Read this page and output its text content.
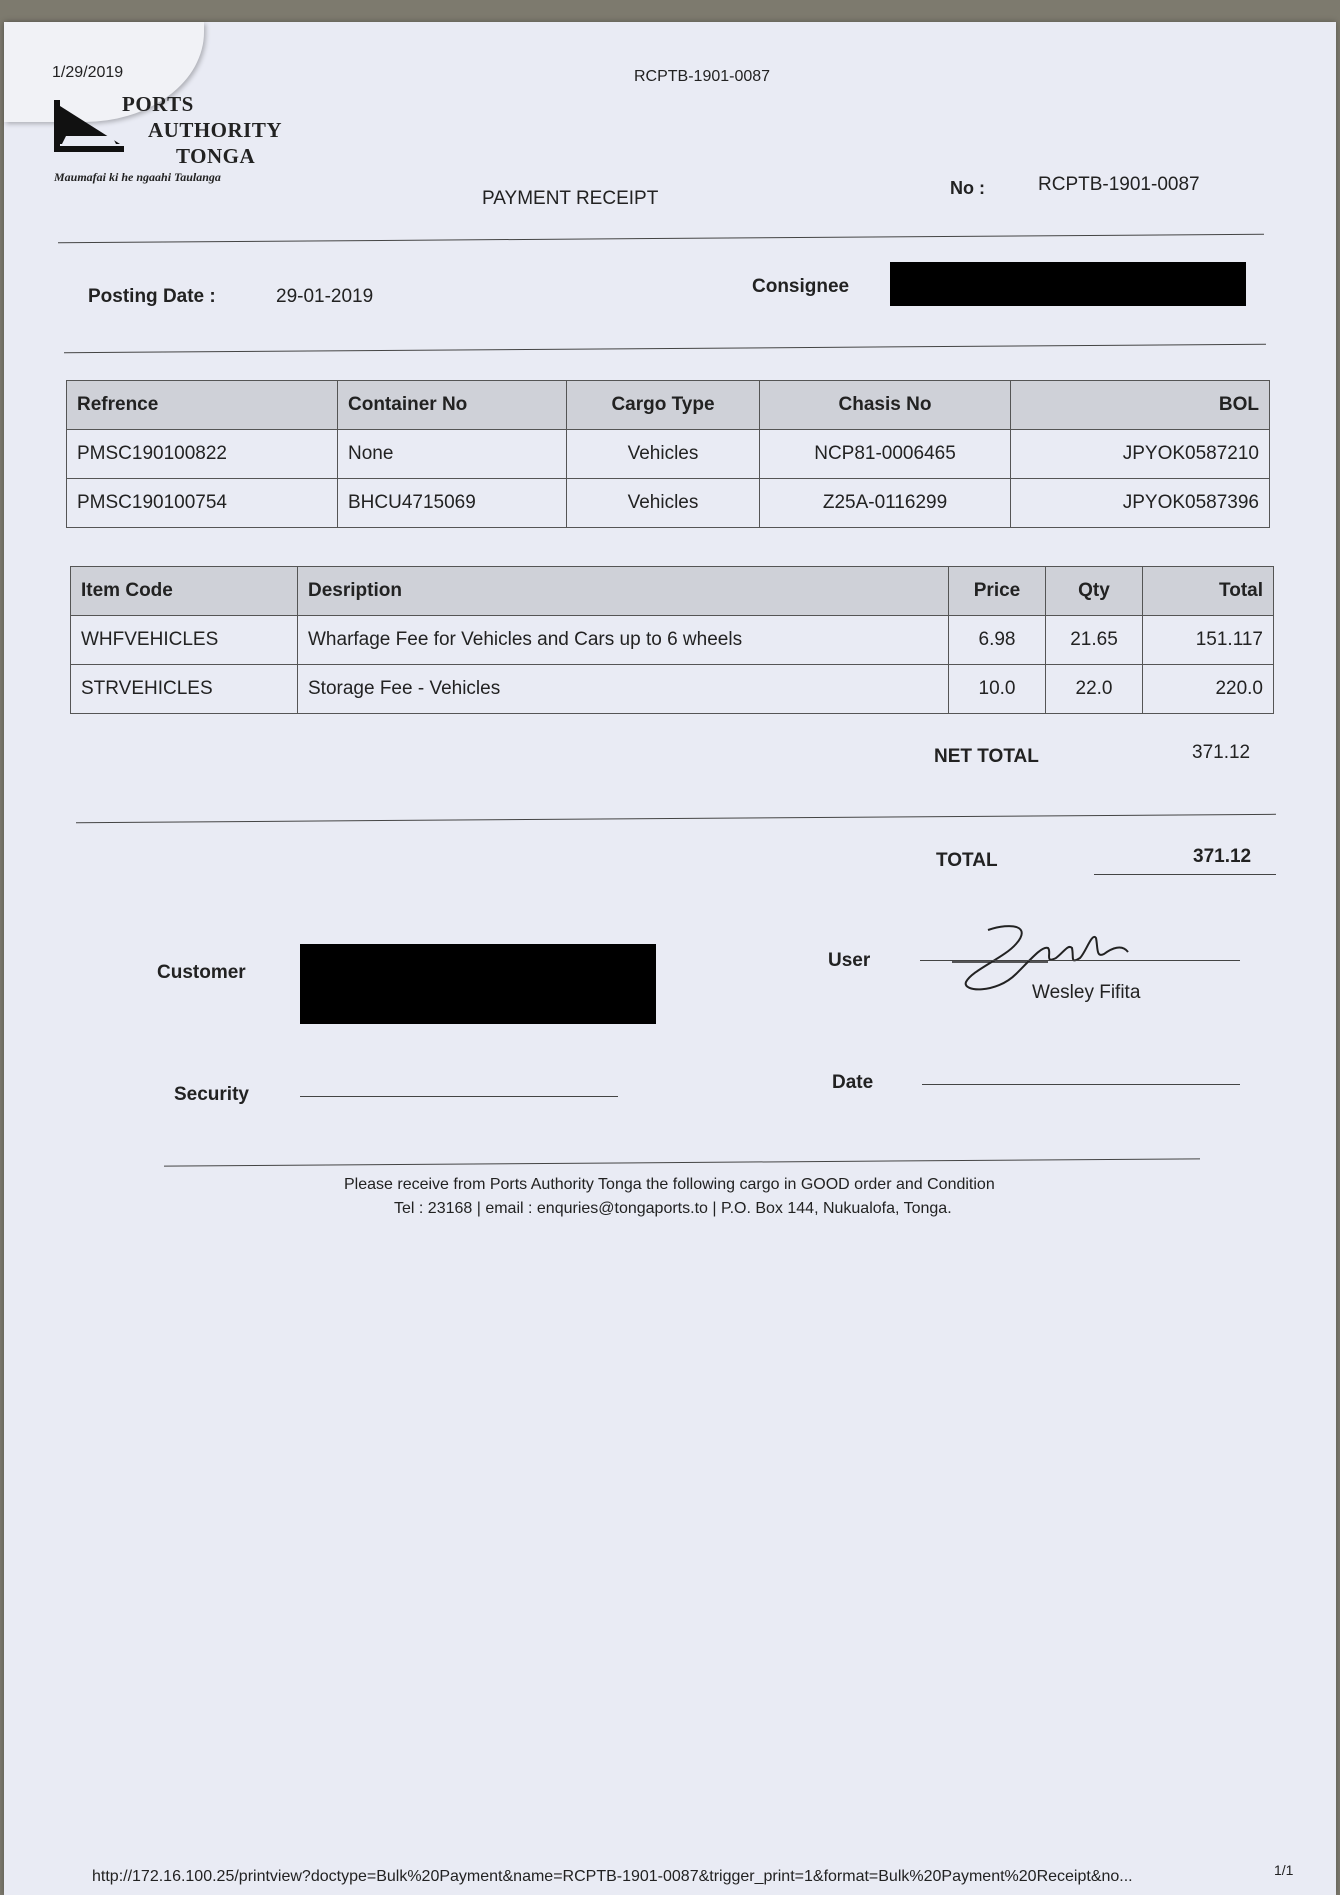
1/29/2019	RCPTB-1901-0087
PORTS
AUTHORITY
TONGA
Maumafai ki he ngaahi Taulanga
PAYMENT RECEIPT	No :	RCPTB-1901-0087
Posting Date :	29-01-2019	Consignee
Refrence	Container No	Cargo Type	Chasis No	BOL
PMSC190100822	None	Vehicles	NCP81-0006465	JPYOK0587210
PMSC190100754	BHCU4715069	Vehicles	Z25A-0116299	JPYOK0587396
Item Code	Desription	Price	Qty	Total
WHFVEHICLES	Wharfage Fee for Vehicles and Cars up to 6 wheels	6.98	21.65	151.117
STRVEHICLES	Storage Fee - Vehicles	10.0	22.0	220.0
NET TOTAL	371.12
TOTAL	371.12
Customer
User
Wesley Fifita
Security
Date
Please receive from Ports Authority Tonga the following cargo in GOOD order and Condition
Tel : 23168 | email : enquries@tongaports.to | P.O. Box 144, Nukualofa, Tonga.
http://172.16.100.25/printview?doctype=Bulk%20Payment&name=RCPTB-1901-0087&trigger_print=1&format=Bulk%20Payment%20Receipt&no...	1/1
